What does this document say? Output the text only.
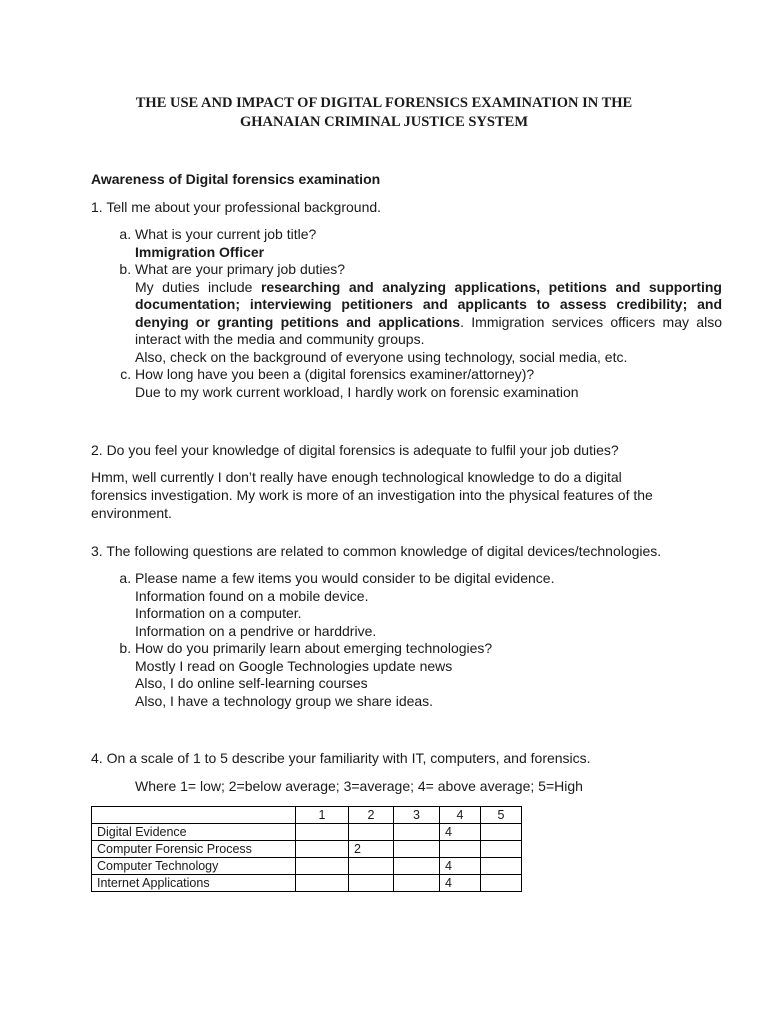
THE USE AND IMPACT OF DIGITAL FORENSICS EXAMINATION IN THE
GHANAIAN CRIMINAL JUSTICE SYSTEM
Awareness of Digital forensics examination
1. Tell me about your professional background.
a. What is your current job title?
Immigration Officer
b. What are your primary job duties?
My duties include researching and analyzing applications, petitions and supporting documentation; interviewing petitioners and applicants to assess credibility; and denying or granting petitions and applications. Immigration services officers may also interact with the media and community groups.
Also, check on the background of everyone using technology, social media, etc.
c. How long have you been a (digital forensics examiner/attorney)?
Due to my work current workload, I hardly work on forensic examination
2. Do you feel your knowledge of digital forensics is adequate to fulfil your job duties?
Hmm, well currently I don’t really have enough technological knowledge to do a digital forensics investigation. My work is more of an investigation into the physical features of the environment.
3. The following questions are related to common knowledge of digital devices/technologies.
a. Please name a few items you would consider to be digital evidence.
Information found on a mobile device.
Information on a computer.
Information on a pendrive or harddrive.
b. How do you primarily learn about emerging technologies?
Mostly I read on Google Technologies update news
Also, I do online self-learning courses
Also, I have a technology group we share ideas.
4. On a scale of 1 to 5 describe your familiarity with IT, computers, and forensics.
Where 1= low; 2=below average; 3=average; 4= above average; 5=High
	1	2	3	4	5
Digital Evidence				4	
Computer Forensic Process		2			
Computer Technology				4	
Internet Applications				4	
